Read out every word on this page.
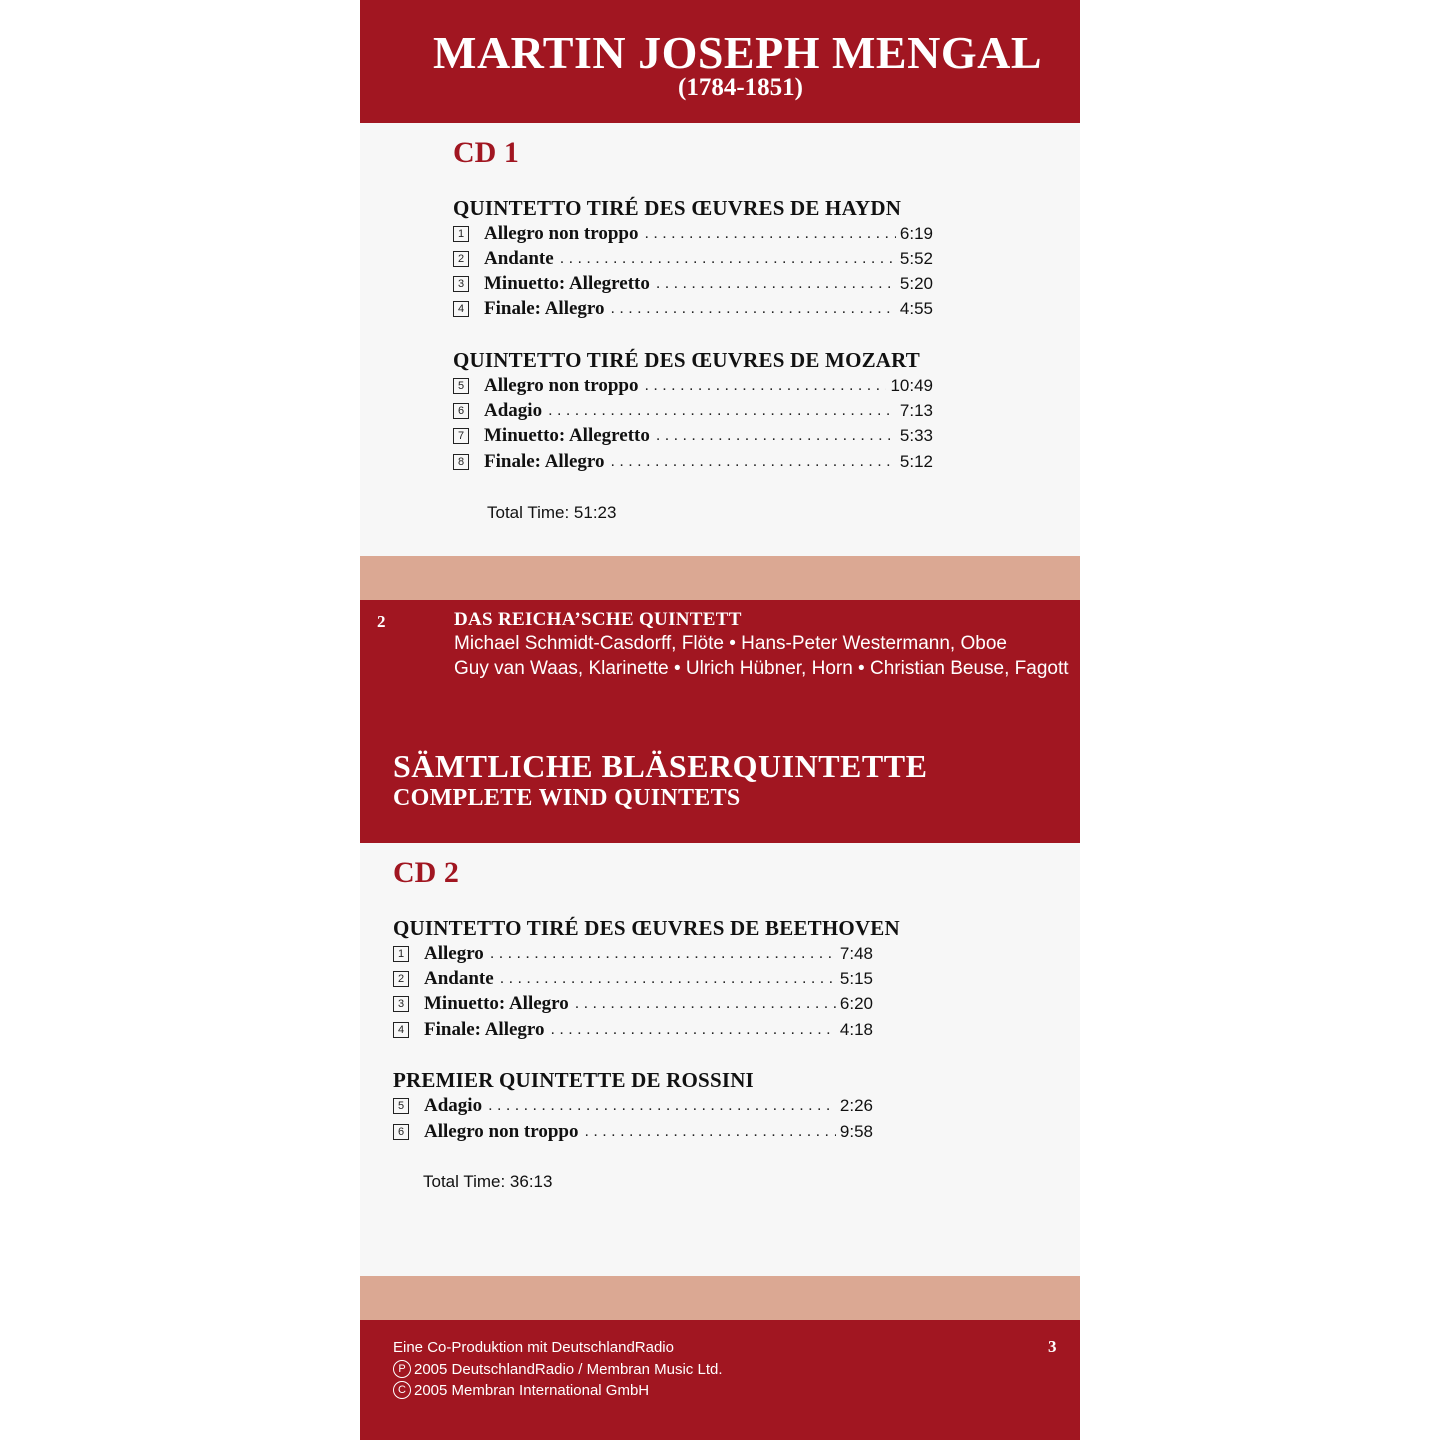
MARTIN JOSEPH MENGAL
(1784-1851)
CD 1
QUINTETTO TIRÉ DES ŒUVRES DE HAYDN
1 Allegro non troppo . . .	6:19
2 Andante . . .	5:52
3 Minuetto: Allegretto . . .	5:20
4 Finale: Allegro . . .	4:55
QUINTETTO TIRÉ DES ŒUVRES DE MOZART
5 Allegro non troppo . . .	10:49
6 Adagio . . .	7:13
7 Minuetto: Allegretto . . .	5:33
8 Finale: Allegro . . .	5:12
Total Time: 51:23
2	DAS REICHA’SCHE QUINTETT
Michael Schmidt-Casdorff, Flöte • Hans-Peter Westermann, Oboe
Guy van Waas, Klarinette • Ulrich Hübner, Horn • Christian Beuse, Fagott
SÄMTLICHE BLÄSERQUINTETTE
COMPLETE WIND QUINTETS
CD 2
QUINTETTO TIRÉ DES ŒUVRES DE BEETHOVEN
1 Allegro . . .	7:48
2 Andante . . .	5:15
3 Minuetto: Allegro . . .	6:20
4 Finale: Allegro . . .	4:18
PREMIER QUINTETTE DE ROSSINI
5 Adagio . . .	2:26
6 Allegro non troppo . . .	9:58
Total Time: 36:13
Eine Co-Produktion mit DeutschlandRadio
P 2005 DeutschlandRadio / Membran Music Ltd.
C 2005 Membran International GmbH
3
